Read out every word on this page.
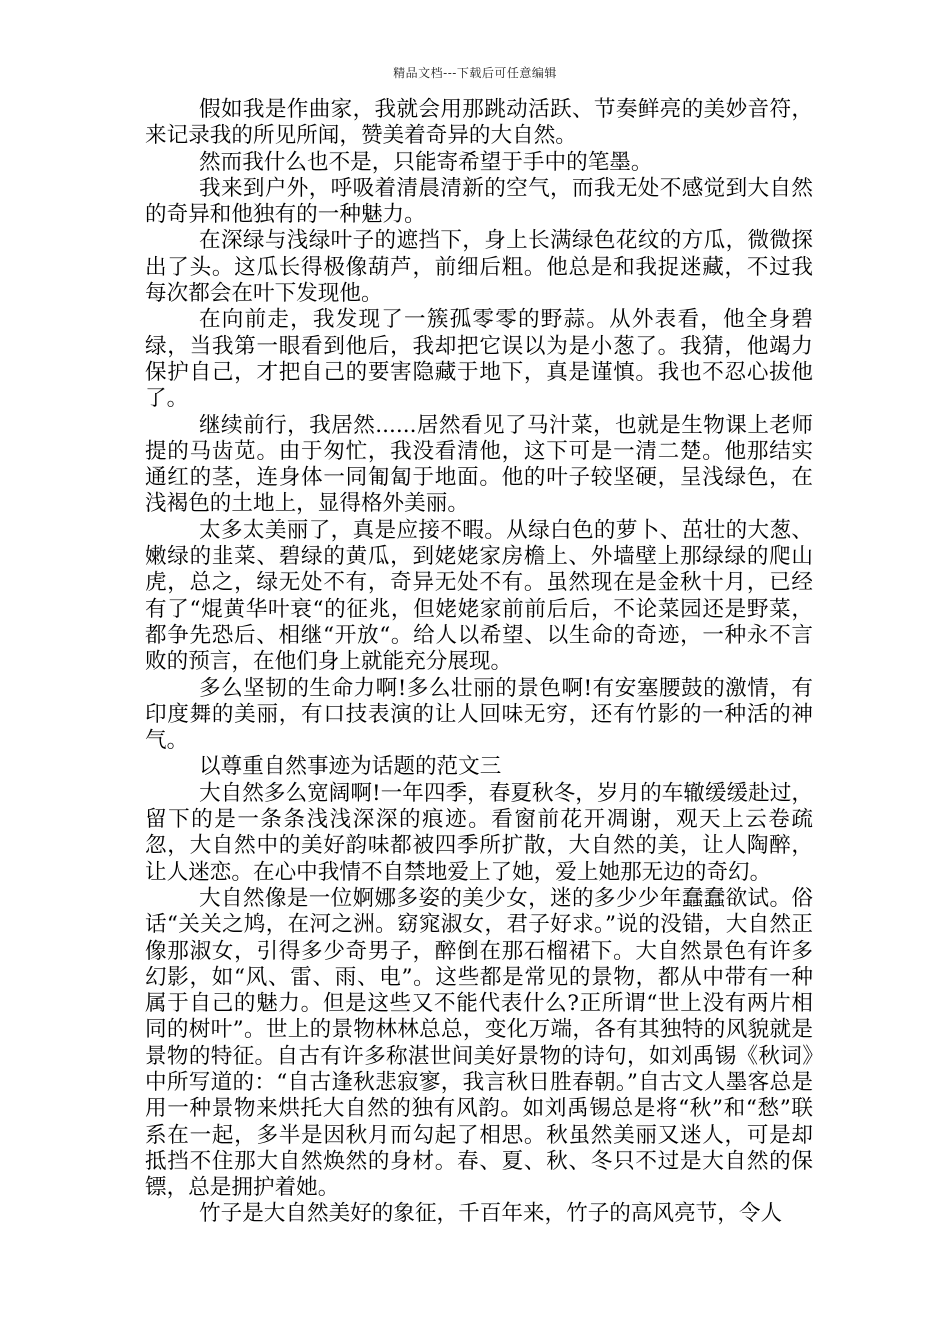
精品文档---下载后可任意编辑

假如我是作曲家，我就会用那跳动活跃、节奏鲜亮的美妙音符，来记录我的所见所闻，赞美着奇异的大自然。

然而我什么也不是，只能寄希望于手中的笔墨。

我来到户外，呼吸着清晨清新的空气，而我无处不感觉到大自然的奇异和他独有的一种魅力。

在深绿与浅绿叶子的遮挡下，身上长满绿色花纹的方瓜，微微探出了头。这瓜长得极像葫芦，前细后粗。他总是和我捉迷藏，不过我每次都会在叶下发现他。

在向前走，我发现了一簇孤零零的野蒜。从外表看，他全身碧绿，当我第一眼看到他后，我却把它误以为是小葱了。我猜，他竭力保护自己，才把自己的要害隐藏于地下，真是谨慎。我也不忍心拔他了。

继续前行，我居然......居然看见了马汁菜，也就是生物课上老师提的马齿苋。由于匆忙，我没看清他，这下可是一清二楚。他那结实通红的茎，连身体一同匍匐于地面。他的叶子较坚硬，呈浅绿色，在浅褐色的土地上，显得格外美丽。

太多太美丽了，真是应接不暇。从绿白色的萝卜、茁壮的大葱、嫩绿的韭菜、碧绿的黄瓜，到姥姥家房檐上、外墙壁上那绿绿的爬山虎，总之，绿无处不有，奇异无处不有。虽然现在是金秋十月，已经有了“焜黄华叶衰“的征兆，但姥姥家前前后后，不论菜园还是野菜，都争先恐后、相继“开放“。给人以希望、以生命的奇迹，一种永不言败的预言，在他们身上就能充分展现。

多么坚韧的生命力啊!多么壮丽的景色啊!有安塞腰鼓的激情，有印度舞的美丽，有口技表演的让人回味无穷，还有竹影的一种活的神气。

以尊重自然事迹为话题的范文三

大自然多么宽阔啊!一年四季，春夏秋冬，岁月的车辙缓缓赴过，留下的是一条条浅浅深深的痕迹。看窗前花开凋谢，观天上云卷疏忽，大自然中的美好韵味都被四季所扩散，大自然的美，让人陶醉，让人迷恋。在心中我情不自禁地爱上了她，爱上她那无边的奇幻。

大自然像是一位婀娜多姿的美少女，迷的多少少年蠢蠢欲试。俗话“关关之鸠，在河之洲。窈窕淑女，君子好求。”说的没错，大自然正像那淑女，引得多少奇男子，醉倒在那石榴裙下。大自然景色有许多幻影，如“风、雷、雨、电”。这些都是常见的景物，都从中带有一种属于自己的魅力。但是这些又不能代表什么?正所谓“世上没有两片相同的树叶”。世上的景物林林总总，变化万端，各有其独特的风貌就是景物的特征。自古有许多称湛世间美好景物的诗句，如刘禹锡《秋词》中所写道的：“自古逢秋悲寂寥，我言秋日胜春朝。”自古文人墨客总是用一种景物来烘托大自然的独有风韵。如刘禹锡总是将“秋”和“愁”联系在一起，多半是因秋月而勾起了相思。秋虽然美丽又迷人，可是却抵挡不住那大自然焕然的身材。春、夏、秋、冬只不过是大自然的保镖，总是拥护着她。

竹子是大自然美好的象征，千百年来，竹子的高风亮节，令人
